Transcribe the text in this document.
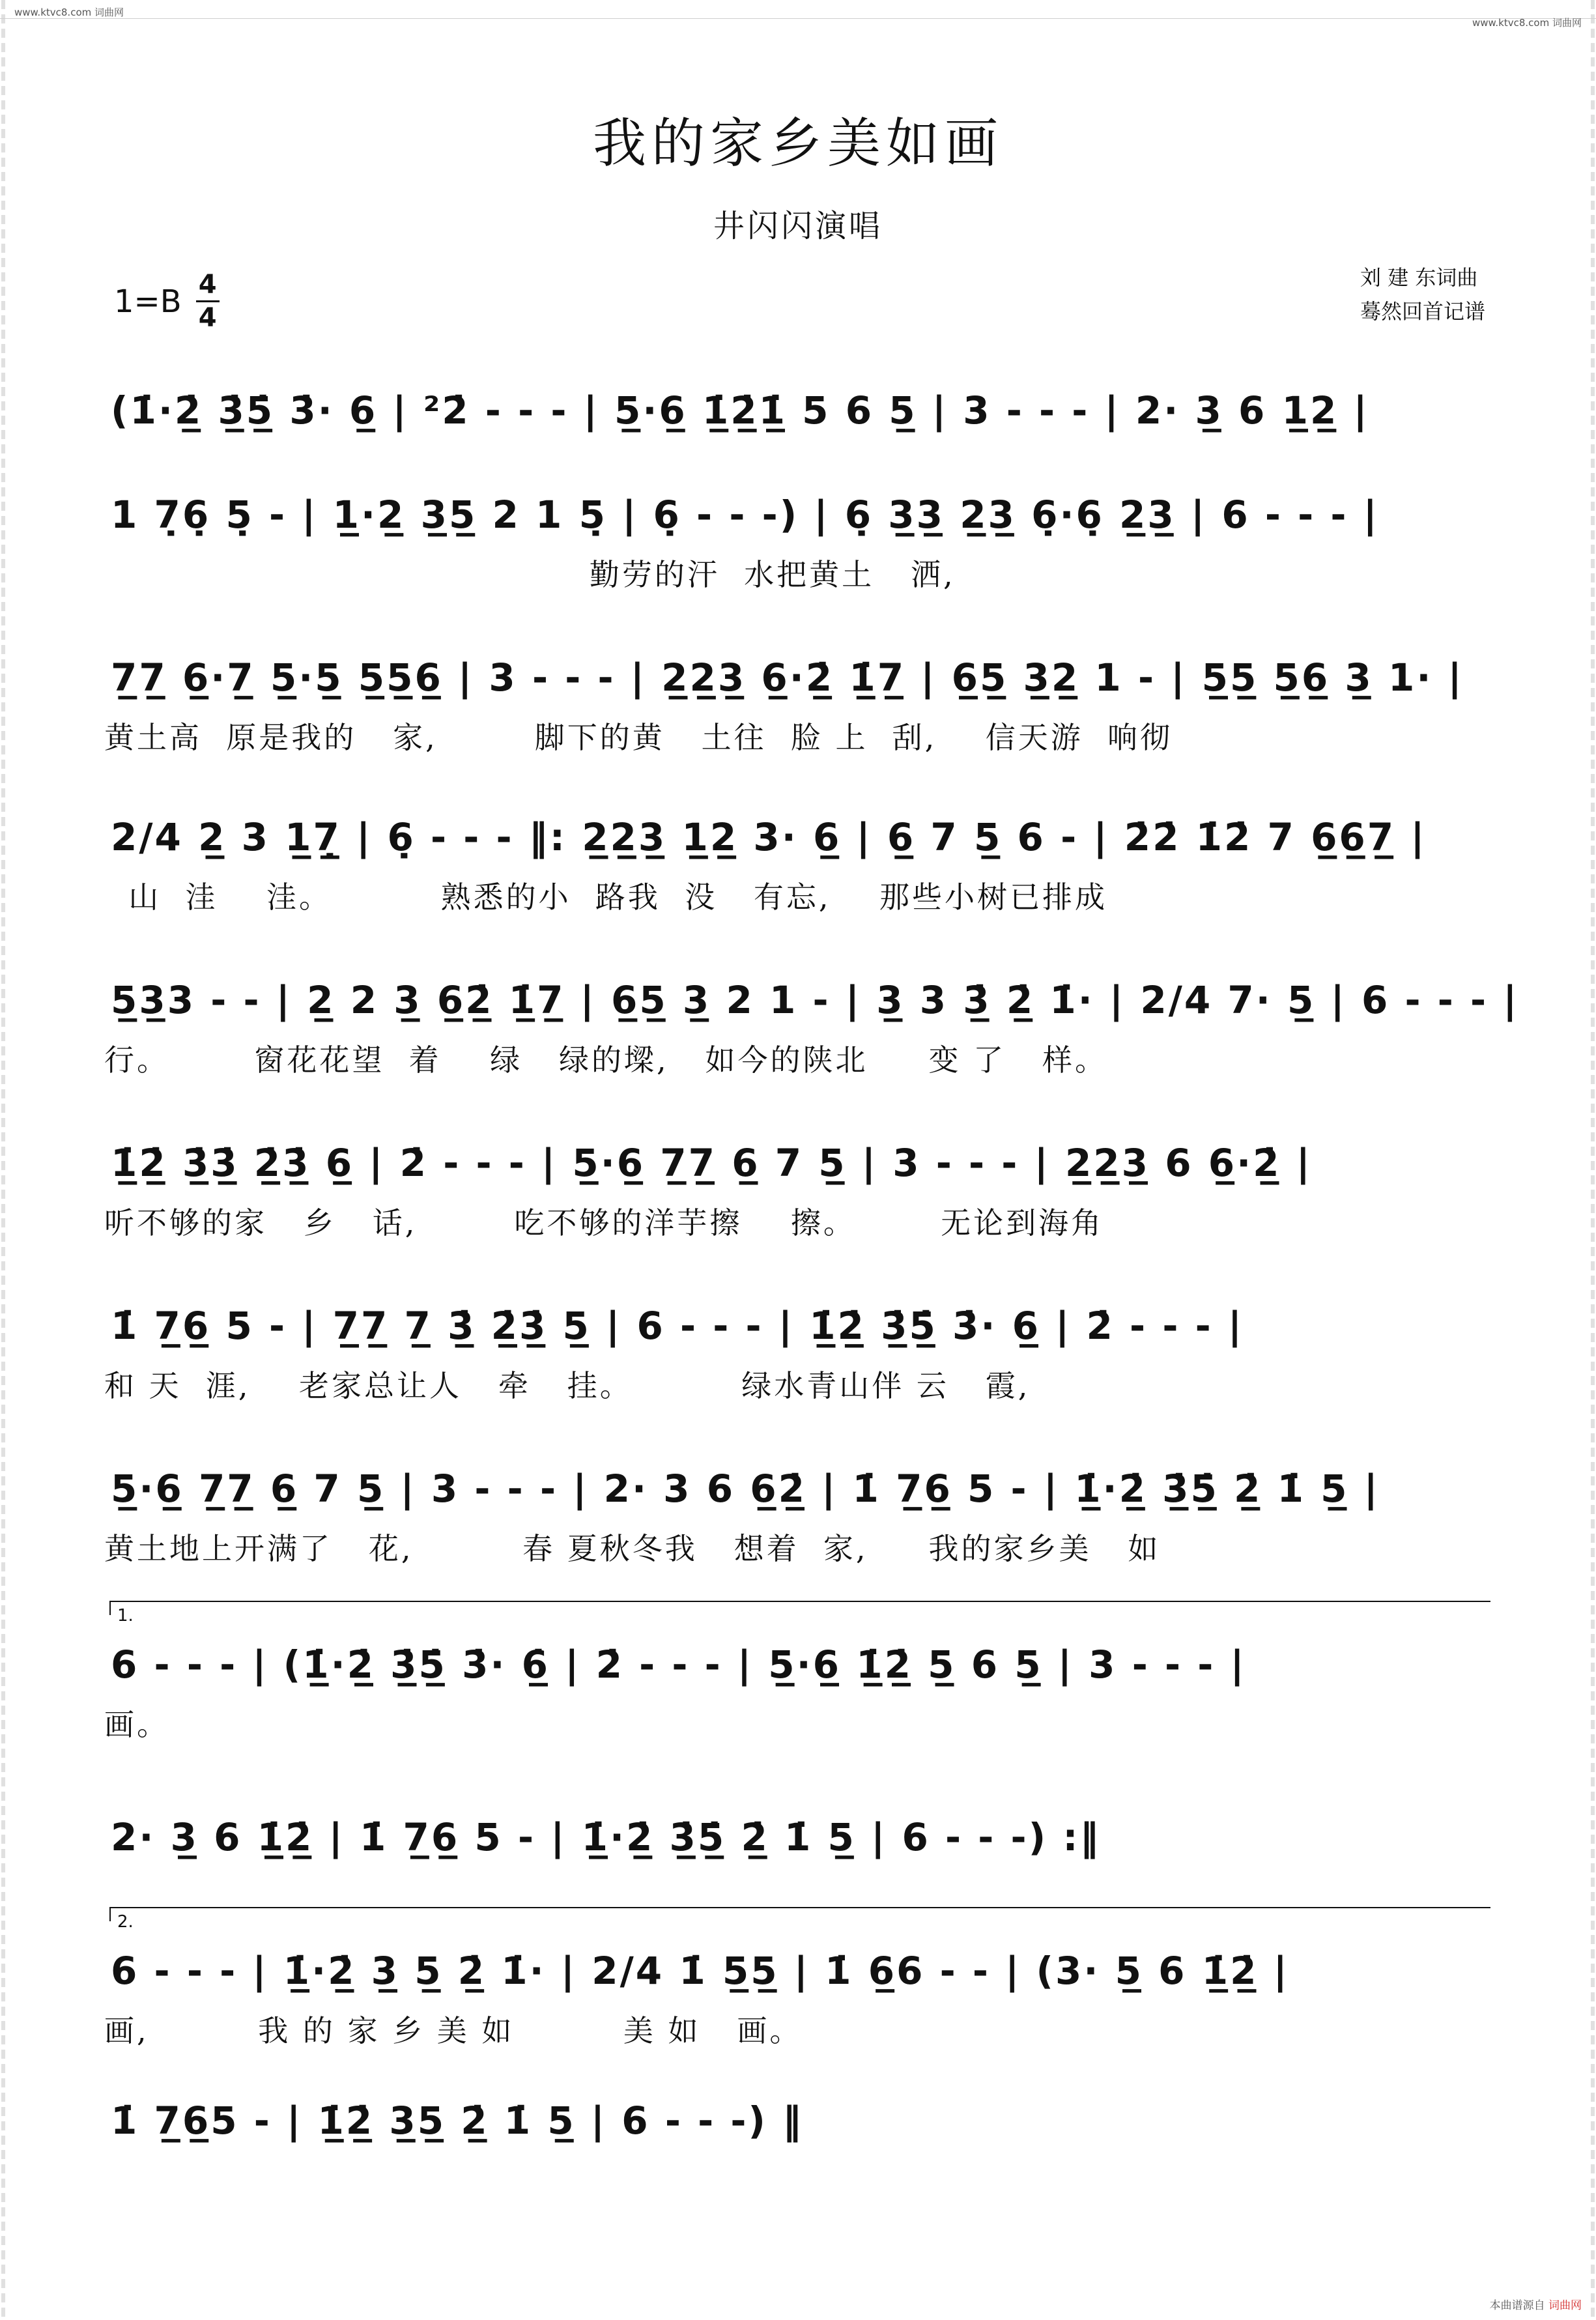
www.ktvc8.com 词曲网
www.ktvc8.com 词曲网
本曲谱源自 词曲网
我的家乡美如画
井闪闪演唱
1=B 4
4
刘 建 东词曲
蓦然回首记谱
(1̇·2̲̇ 3̲̇5̲̇ 3̇· 6̲ | ²2̇ - - - | 5̲·6̲ 1̲̇2̲̇1̲̇ 5 6 5̲ | 3 - - - | 2· 3̲ 6 1̲2̲ |
1 7̣6̣ 5̣ - | 1̲·2̲ 3̲5̲ 2 1 5̣ | 6̣ - - -) | 6̣ 3̲3̲ 2̲3̲ 6̣·6̣ 2̲3̲ | 6 - - - |
勤劳的汗  水把黄土   洒,
7̲7̲ 6̲·7̲ 5̲·5̲ 5̲5̲6̲ | 3 - - - | 2̲2̲3̲ 6̲·2̲̇ 1̲̇7̲ | 6̲5̲ 3̲2̲ 1 - | 5̲5̲ 5̲6̲ 3̲ 1· |
黄土高  原是我的   家,        脚下的黄   土往  脸 上  刮,    信天游  响彻
2/4 2̲ 3 1̲7̲̣ | 6̣ - - - ‖: 2̲2̲3̲ 1̲2̲ 3· 6̲ | 6̲ 7 5̲ 6 - | 2̇2̇ 1̇2̇ 7 6̲6̲7̲ |
山  洼    洼。         熟悉的小  路我  没   有忘,    那些小树已排成
5̲3̲3 - - | 2̲ 2 3̲ 6̲2̲̇ 1̲̇7̲ | 6̲5̲ 3̲ 2 1 - | 3̲ 3 3̲̇ 2̲̇ 1̇· | 2/4 7· 5̲ | 6 - - - |
行。       窗花花望  着    绿   绿的墚,   如今的陕北     变 了   样。
1̲̇2̲̇ 3̲̇3̲̇ 2̲̇3̲̇ 6̲ | 2̇ - - - | 5̲·6̲ 7̲7̲ 6̲ 7 5̲ | 3 - - - | 2̲2̲3̲ 6 6̲·2̲̇ |
听不够的家   乡   话,        吃不够的洋芋擦    擦。       无论到海角
1̇ 7̲6̲ 5 - | 7̲7̲ 7̲ 3̲̇ 2̲̇3̲̇ 5̲ | 6 - - - | 1̲̇2̲̇ 3̲̇5̲̇ 3̇· 6̲ | 2̇ - - - |
和 天  涯,    老家总让人   牵   挂。         绿水青山伴 云   霞,
5̲·6̲ 7̲7̲ 6̲ 7 5̲ | 3 - - - | 2· 3 6 6̲2̲̇ | 1̇ 7̲6̲ 5 - | 1̲̇·2̲̇ 3̲̇5̲̇ 2̲̇ 1̇ 5̲ |
黄土地上开满了   花,         春 夏秋冬我   想着  家,     我的家乡美   如
1.
6 - - - | (1̲̇·2̲̇ 3̲̇5̲̇ 3̇· 6̲̇ | 2̇ - - - | 5̲·6̲ 1̲̇2̲̇ 5̲ 6 5̲ | 3 - - - |
画。
2· 3̲ 6 1̲̇2̲̇ | 1̇ 7̲6̲ 5 - | 1̲̇·2̲̇ 3̲̇5̲̇ 2̲̇ 1̇ 5̲ | 6 - - -) :‖
2.
6 - - - | 1̲̇·2̲̇ 3̲ 5̲ 2̲̇ 1̇· | 2/4 1̇ 5̲5̲ | 1̇ 6̲6 - - | (3· 5̲ 6 1̲̇2̲̇ |
画,         我 的 家 乡 美 如         美 如   画。
1̇ 7̲6̲5 - | 1̲̇2̲̇ 3̲5̲ 2̲̇ 1̇ 5̲ | 6 - - -) ‖
